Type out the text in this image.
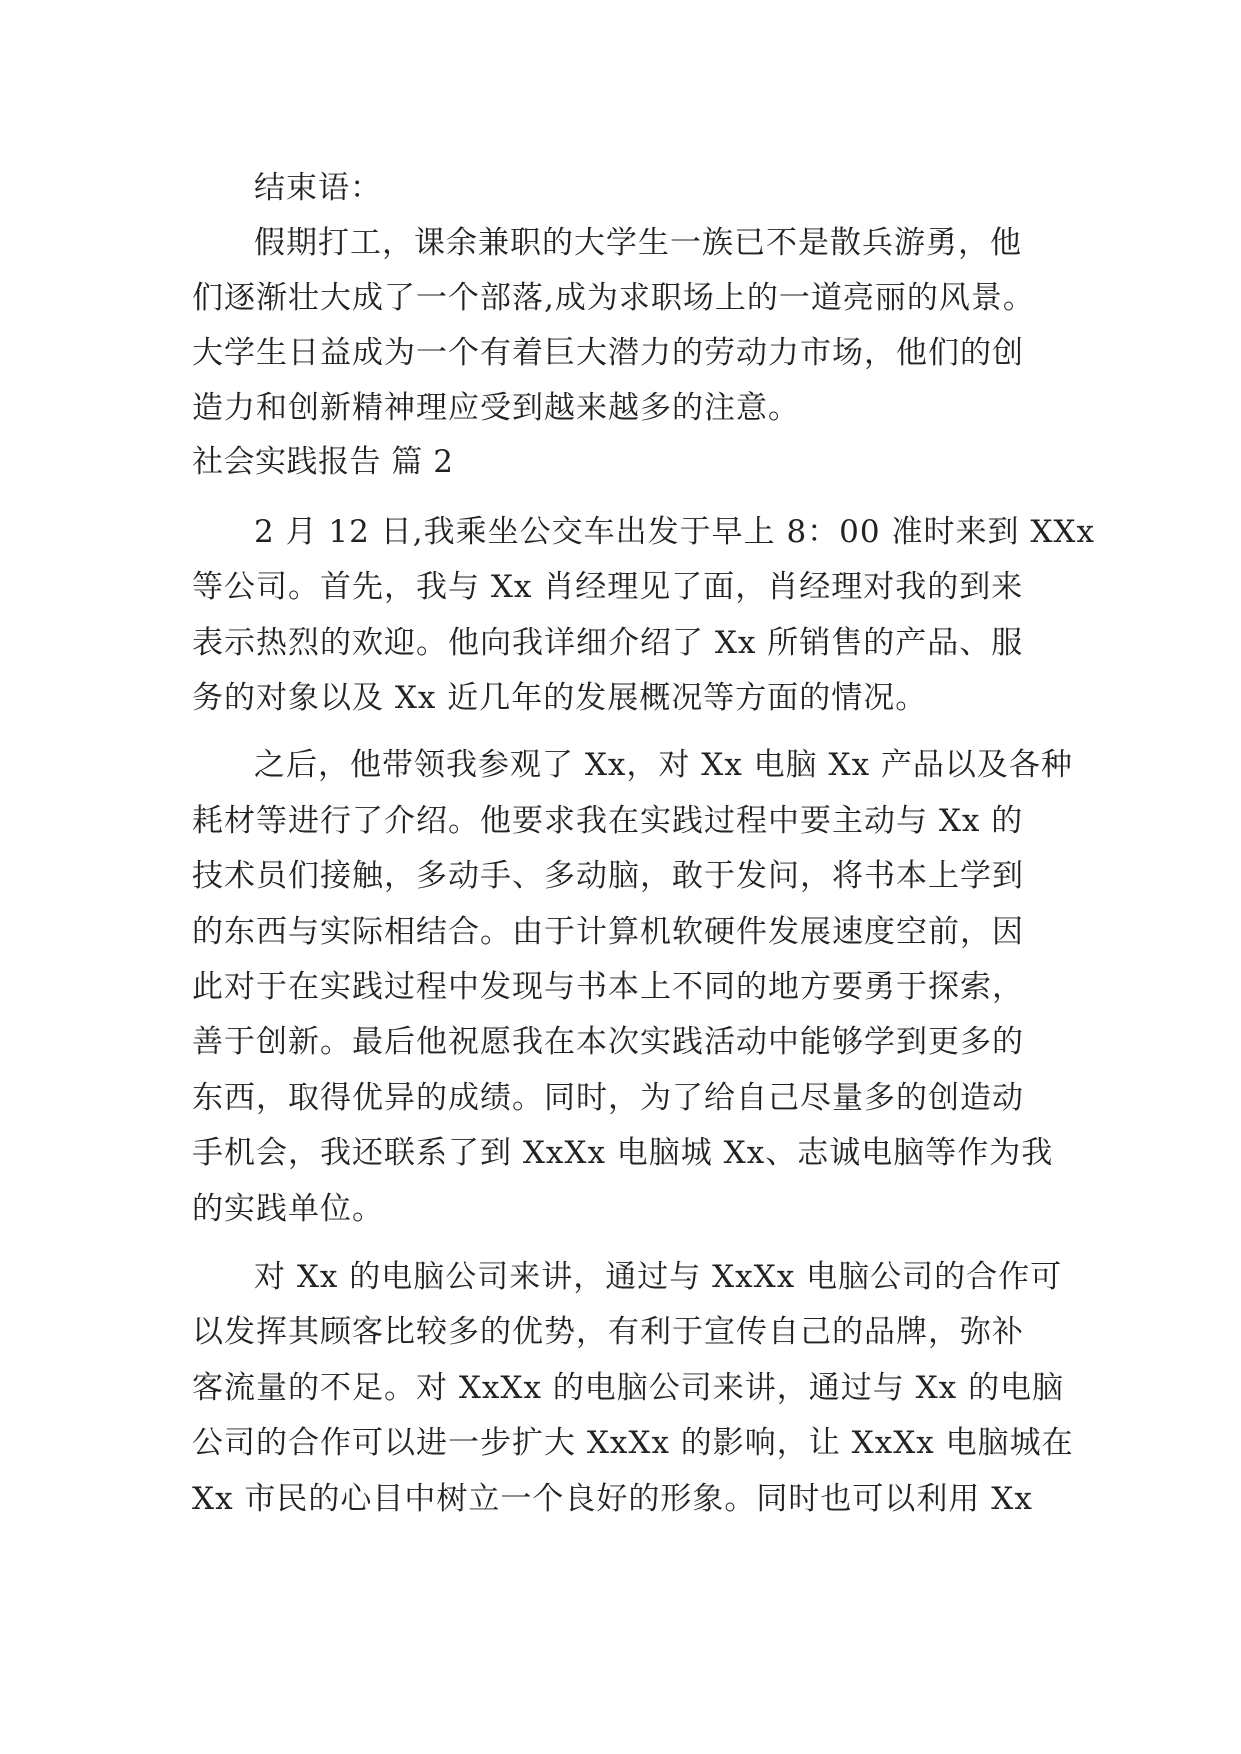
结束语：
假期打工，课余兼职的大学生一族已不是散兵游勇，他
们逐渐壮大成了一个部落,成为求职场上的一道亮丽的风景。
大学生日益成为一个有着巨大潜力的劳动力市场，他们的创
造力和创新精神理应受到越来越多的注意。
社会实践报告 篇 2
2 月 12 日,我乘坐公交车出发于早上 8：00 准时来到 XXx
等公司。首先，我与 Xx 肖经理见了面，肖经理对我的到来
表示热烈的欢迎。他向我详细介绍了 Xx 所销售的产品、服
务的对象以及 Xx 近几年的发展概况等方面的情况。
之后，他带领我参观了 Xx，对 Xx 电脑 Xx 产品以及各种
耗材等进行了介绍。他要求我在实践过程中要主动与 Xx 的
技术员们接触，多动手、多动脑，敢于发问，将书本上学到
的东西与实际相结合。由于计算机软硬件发展速度空前，因
此对于在实践过程中发现与书本上不同的地方要勇于探索，
善于创新。最后他祝愿我在本次实践活动中能够学到更多的
东西，取得优异的成绩。同时，为了给自己尽量多的创造动
手机会，我还联系了到 XxXx 电脑城 Xx、志诚电脑等作为我
的实践单位。
对 Xx 的电脑公司来讲，通过与 XxXx 电脑公司的合作可
以发挥其顾客比较多的优势，有利于宣传自己的品牌，弥补
客流量的不足。对 XxXx 的电脑公司来讲，通过与 Xx 的电脑
公司的合作可以进一步扩大 XxXx 的影响，让 XxXx 电脑城在
Xx 市民的心目中树立一个良好的形象。同时也可以利用 Xx
